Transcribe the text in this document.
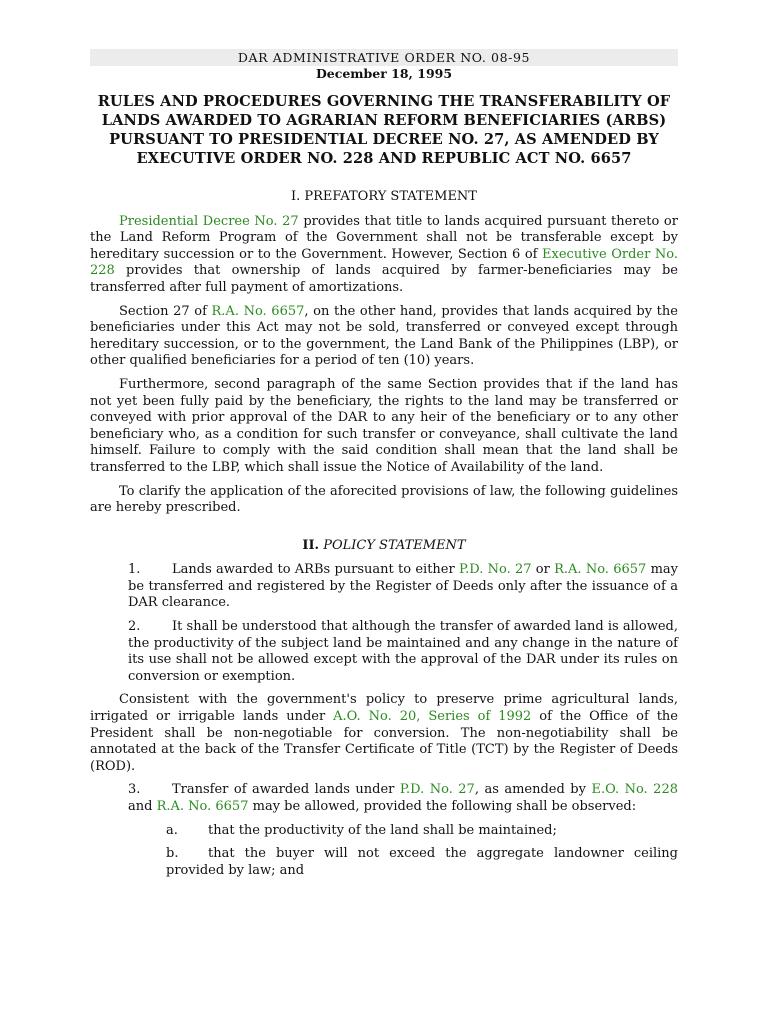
DAR ADMINISTRATIVE ORDER NO. 08-95
December 18, 1995
RULES AND PROCEDURES GOVERNING THE TRANSFERABILITY OF LANDS AWARDED TO AGRARIAN REFORM BENEFICIARIES (ARBS) PURSUANT TO PRESIDENTIAL DECREE NO. 27, AS AMENDED BY EXECUTIVE ORDER NO. 228 AND REPUBLIC ACT NO. 6657
I. PREFATORY STATEMENT

Presidential Decree No. 27 provides that title to lands acquired pursuant thereto or the Land Reform Program of the Government shall not be transferable except by hereditary succession or to the Government. However, Section 6 of Executive Order No. 228 provides that ownership of lands acquired by farmer-beneficiaries may be transferred after full payment of amortizations.

Section 27 of R.A. No. 6657, on the other hand, provides that lands acquired by the beneficiaries under this Act may not be sold, transferred or conveyed except through hereditary succession, or to the government, the Land Bank of the Philippines (LBP), or other qualified beneficiaries for a period of ten (10) years.

Furthermore, second paragraph of the same Section provides that if the land has not yet been fully paid by the beneficiary, the rights to the land may be transferred or conveyed with prior approval of the DAR to any heir of the beneficiary or to any other beneficiary who, as a condition for such transfer or conveyance, shall cultivate the land himself. Failure to comply with the said condition shall mean that the land shall be transferred to the LBP, which shall issue the Notice of Availability of the land.

To clarify the application of the aforecited provisions of law, the following guidelines are hereby prescribed.

II. POLICY STATEMENT

1. Lands awarded to ARBs pursuant to either P.D. No. 27 or R.A. No. 6657 may be transferred and registered by the Register of Deeds only after the issuance of a DAR clearance.

2. It shall be understood that although the transfer of awarded land is allowed, the productivity of the subject land be maintained and any change in the nature of its use shall not be allowed except with the approval of the DAR under its rules on conversion or exemption.

Consistent with the government's policy to preserve prime agricultural lands, irrigated or irrigable lands under A.O. No. 20, Series of 1992 of the Office of the President shall be non-negotiable for conversion. The non-negotiability shall be annotated at the back of the Transfer Certificate of Title (TCT) by the Register of Deeds (ROD).

3. Transfer of awarded lands under P.D. No. 27, as amended by E.O. No. 228 and R.A. No. 6657 may be allowed, provided the following shall be observed:

a. that the productivity of the land shall be maintained;

b. that the buyer will not exceed the aggregate landowner ceiling provided by law; and
